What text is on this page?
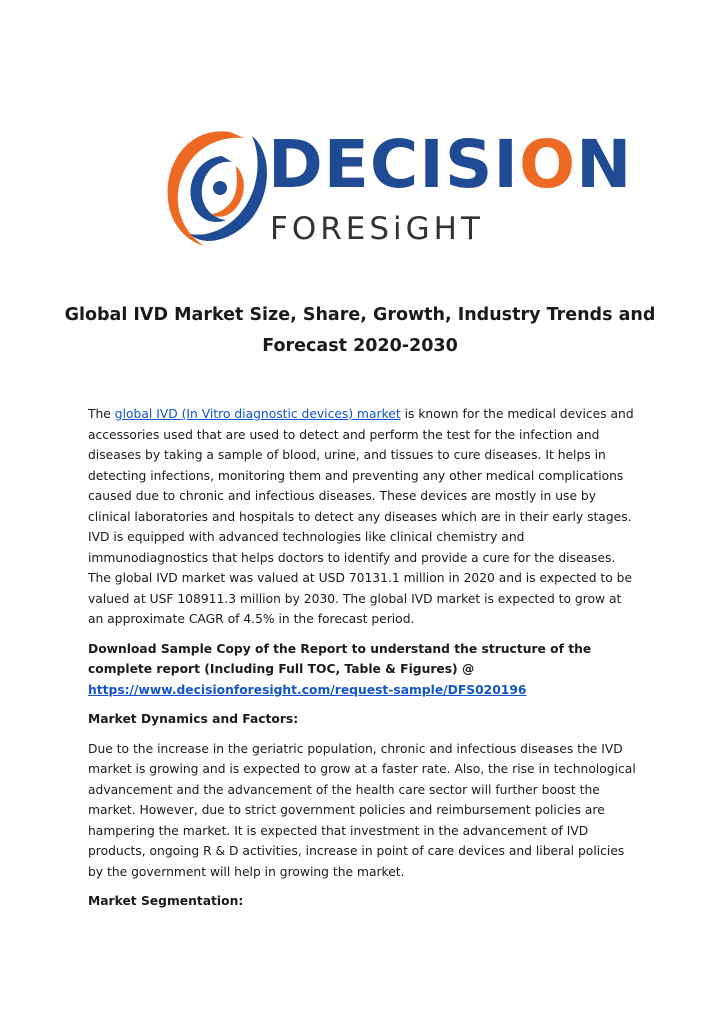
DECISION
FORESiGHT
Global IVD Market Size, Share, Growth, Industry Trends and
Forecast 2020-2030

The global IVD (In Vitro diagnostic devices) market is known for the medical devices and accessories used that are used to detect and perform the test for the infection and diseases by taking a sample of blood, urine, and tissues to cure diseases. It helps in detecting infections, monitoring them and preventing any other medical complications caused due to chronic and infectious diseases. These devices are mostly in use by clinical laboratories and hospitals to detect any diseases which are in their early stages. IVD is equipped with advanced technologies like clinical chemistry and immunodiagnostics that helps doctors to identify and provide a cure for the diseases. The global IVD market was valued at USD 70131.1 million in 2020 and is expected to be valued at USF 108911.3 million by 2030. The global IVD market is expected to grow at an approximate CAGR of 4.5% in the forecast period.

Download Sample Copy of the Report to understand the structure of the complete report (Including Full TOC, Table & Figures) @
https://www.decisionforesight.com/request-sample/DFS020196

Market Dynamics and Factors:

Due to the increase in the geriatric population, chronic and infectious diseases the IVD market is growing and is expected to grow at a faster rate. Also, the rise in technological advancement and the advancement of the health care sector will further boost the market. However, due to strict government policies and reimbursement policies are hampering the market. It is expected that investment in the advancement of IVD products, ongoing R & D activities, increase in point of care devices and liberal policies by the government will help in growing the market.

Market Segmentation:
